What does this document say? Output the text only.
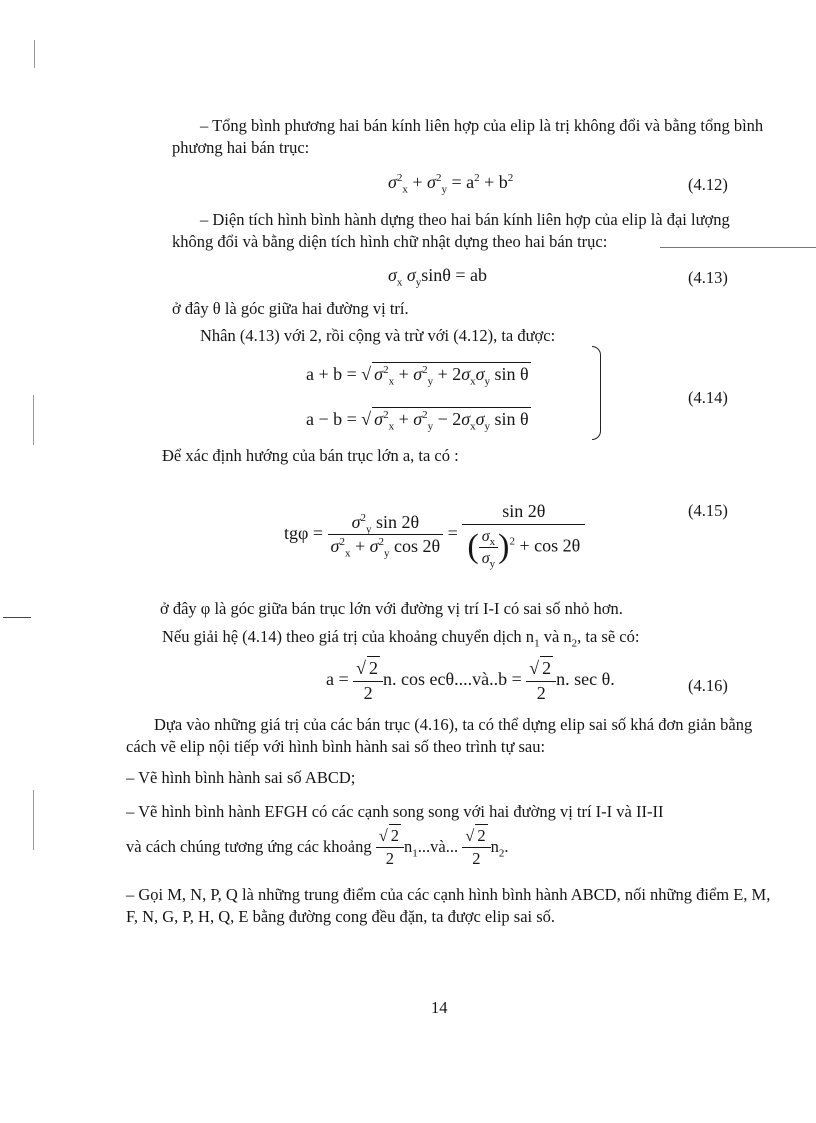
– Tổng bình phương hai bán kính liên hợp của elip là trị không đổi và bằng tổng bình phương hai bán trục:
$\sigma^2_x + \sigma^2_y = a^2 + b^2$	(4.12)
– Diện tích hình bình hành dựng theo hai bán kính liên hợp của elip là đại lượng không đổi và bằng diện tích hình chữ nhật dựng theo hai bán trục:
$\sigma_x$ $\sigma_y\sin\theta$ = ab	(4.13)
ở đây θ là góc giữa hai đường vị trí.
Nhân (4.13) với 2, rồi cộng và trừ với (4.12), ta được:
a + b = √ $\sigma^2_x + \sigma^2_y + 2\sigma_x\sigma_y$ sin θ
a − b = √ $\sigma^2_x + \sigma^2_y - 2\sigma_x\sigma_y$ sin θ
(4.14)
Để xác định hướng của bán trục lớn a, ta có :
$tg\varphi = \frac{\sigma^2_y \sin 2\theta}{\sigma^2_x + \sigma^2_y \cos 2\theta} = \frac{\sin 2\theta}{( \frac{\sigma_x}{\sigma_y} )^2 + \cos 2\theta}$	(4.15)
ở đây φ là góc giữa bán trục lớn với đường vị trí I-I có sai số nhỏ hơn.
Nếu giải hệ (4.14) theo giá trị của khoảng chuyển dịch $n_1$ và $n_2$, ta sẽ có:
$a = \frac{√ 2}{2} n$. cos ecθ....và..b = $\frac{√ 2}{2} n$. sec θ.	(4.16)
Dựa vào những giá trị của các bán trục (4.16), ta có thể dựng elip sai số khá đơn giản bằng cách vẽ elip nội tiếp với hình bình hành sai số theo trình tự sau:
– Vẽ hình bình hành sai số ABCD;
– Vẽ hình bình hành EFGH có các cạnh song song với hai đường vị trí I-I và II-II
và cách chúng tương ứng các khoảng $\frac{√ 2}{2}$ $n_1...và$... $\frac{√ 2}{2} n_2$.
– Gọi M, N, P, Q là những trung điểm của các cạnh hình bình hành ABCD, nối những điểm E, M, F, N, G, P, H, Q, E bằng đường cong đều đặn, ta được elip sai số.
14
